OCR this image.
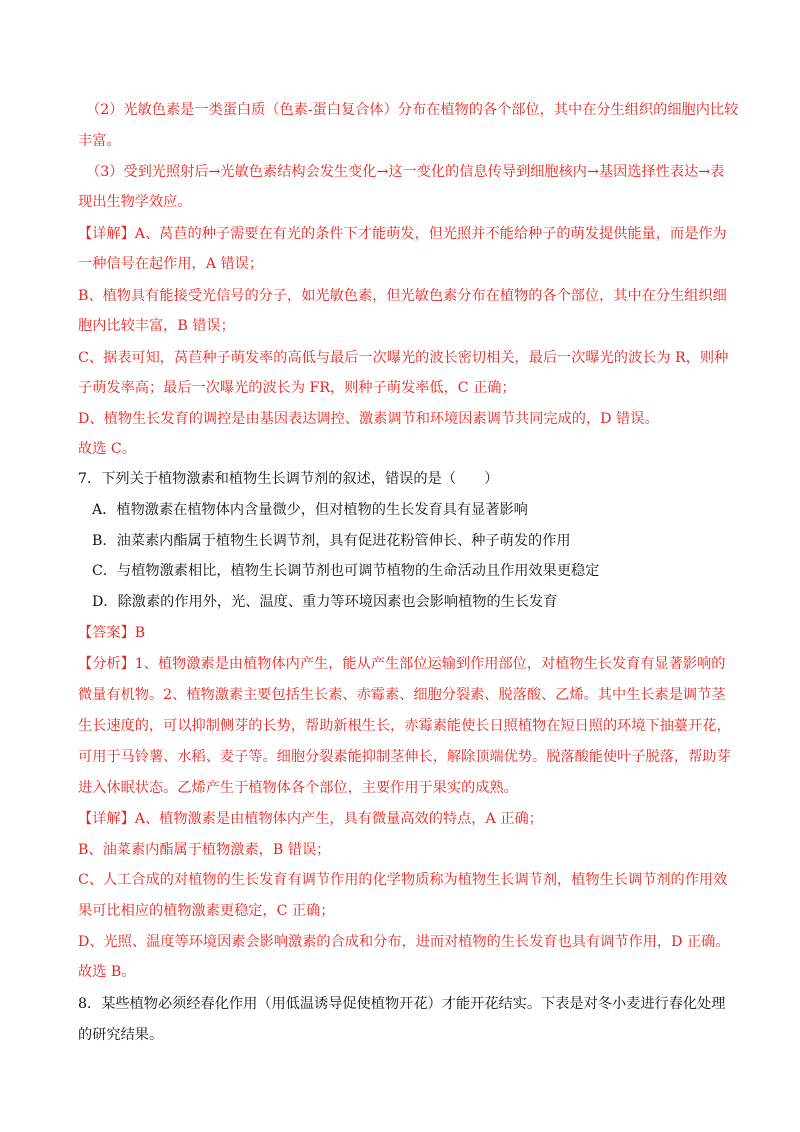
（2）光敏色素是一类蛋白质（色素-蛋白复合体）分布在植物的各个部位，其中在分生组织的细胞内比较
丰富。
（3）受到光照射后→光敏色素结构会发生变化→这一变化的信息传导到细胞核内→基因选择性表达→表
现出生物学效应。
【详解】A、莴苣的种子需要在有光的条件下才能萌发，但光照并不能给种子的萌发提供能量，而是作为
一种信号在起作用，A 错误；
B、植物具有能接受光信号的分子，如光敏色素，但光敏色素分布在植物的各个部位，其中在分生组织细
胞内比较丰富，B 错误；
C、据表可知，莴苣种子萌发率的高低与最后一次曝光的波长密切相关，最后一次曝光的波长为 R，则种
子萌发率高；最后一次曝光的波长为 FR，则种子萌发率低，C 正确；
D、植物生长发育的调控是由基因表达调控、激素调节和环境因素调节共同完成的，D 错误。
故选 C。
7．下列关于植物激素和植物生长调节剂的叙述，错误的是（　　）
A．植物激素在植物体内含量微少，但对植物的生长发育具有显著影响
B．油菜素内酯属于植物生长调节剂，具有促进花粉管伸长、种子萌发的作用
C．与植物激素相比，植物生长调节剂也可调节植物的生命活动且作用效果更稳定
D．除激素的作用外，光、温度、重力等环境因素也会影响植物的生长发育
【答案】B
【分析】1、植物激素是由植物体内产生，能从产生部位运输到作用部位，对植物生长发育有显著影响的
微量有机物。2、植物激素主要包括生长素、赤霉素、细胞分裂素、脱落酸、乙烯。其中生长素是调节茎
生长速度的，可以抑制侧芽的长势，帮助新根生长，赤霉素能使长日照植物在短日照的环境下抽薹开花，
可用于马铃薯、水稻、麦子等。细胞分裂素能抑制茎伸长，解除顶端优势。脱落酸能使叶子脱落，帮助芽
进入休眠状态。乙烯产生于植物体各个部位，主要作用于果实的成熟。
【详解】A、植物激素是由植物体内产生，具有微量高效的特点，A 正确；
B、油菜素内酯属于植物激素，B 错误；
C、人工合成的对植物的生长发育有调节作用的化学物质称为植物生长调节剂，植物生长调节剂的作用效
果可比相应的植物激素更稳定，C 正确；
D、光照、温度等环境因素会影响激素的合成和分布，进而对植物的生长发育也具有调节作用，D 正确。
故选 B。
8．某些植物必须经春化作用（用低温诱导促使植物开花）才能开花结实。下表是对冬小麦进行春化处理
的研究结果。
